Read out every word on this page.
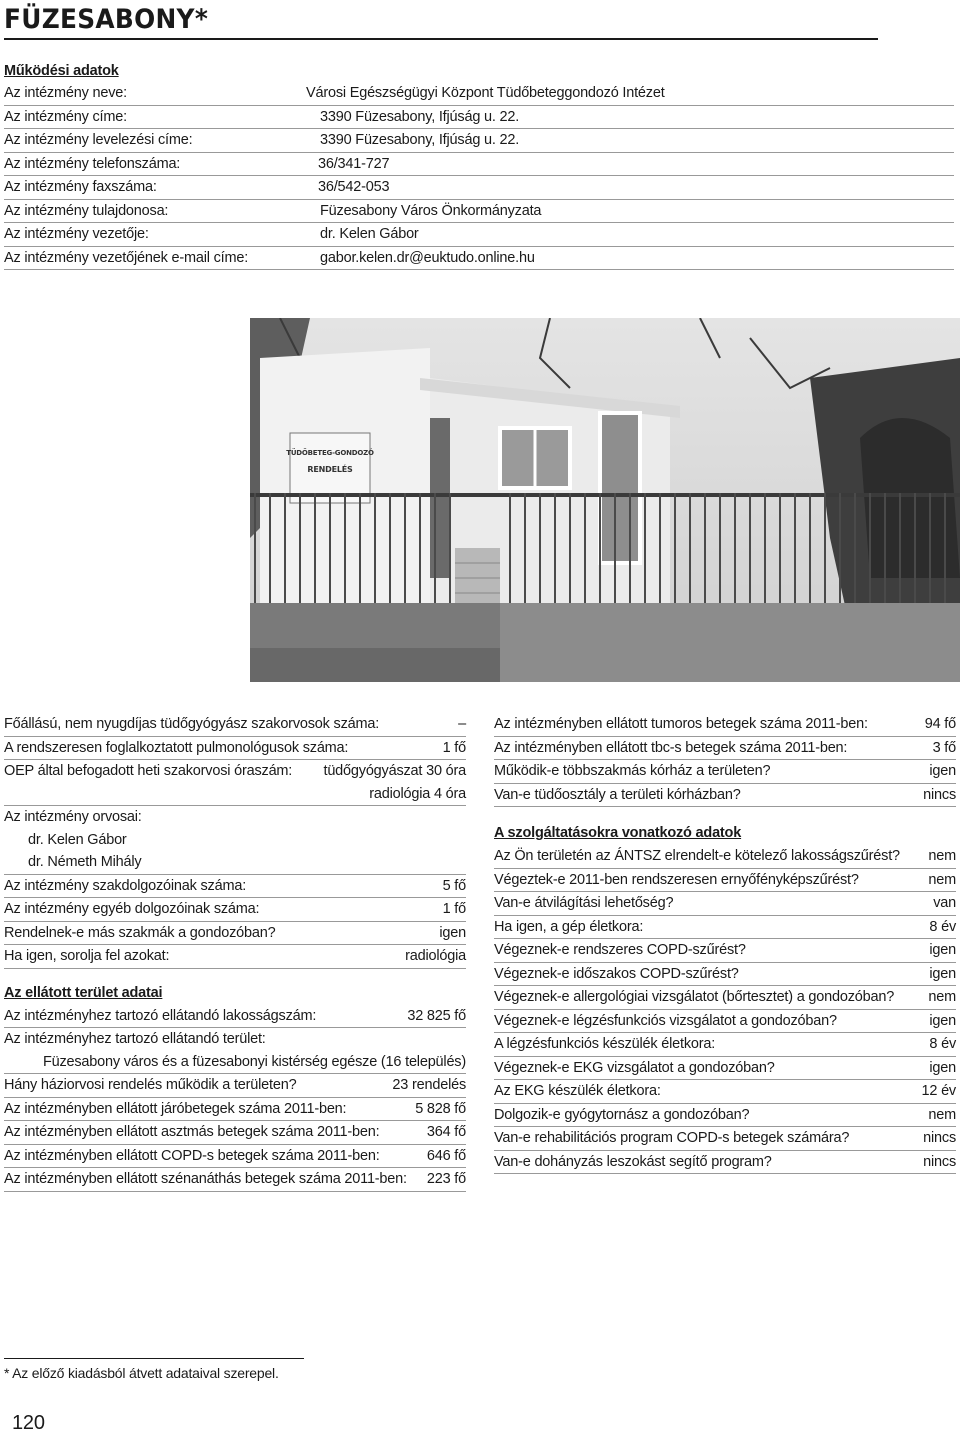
FÜZESABONY*
Működési adatok
Az intézmény neve:	Városi Egészségügyi Központ Tüdőbeteggondozó Intézet
Az intézmény címe:	3390 Füzesabony, Ifjúság u. 22.
Az intézmény levelezési címe:	3390 Füzesabony, Ifjúság u. 22.
Az intézmény telefonszáma:	36/341-727
Az intézmény faxszáma:	36/542-053
Az intézmény tulajdonosa:	Füzesabony Város Önkormányzata
Az intézmény vezetője:	dr. Kelen Gábor
Az intézmény vezetőjének e-mail címe:	gabor.kelen.dr@euktudo.online.hu
TÜDŐBETEG-GONDOZÓ
RENDELÉS
Főállású, nem nyugdíjas tüdőgyógyász szakorvosok száma:	–
A rendszeresen foglalkoztatott pulmonológusok száma:	1 fő
OEP által befogadott heti szakorvosi óraszám: tüdőgyógyászat 30 óra
radiológia 4 óra
Az intézmény orvosai:
dr. Kelen Gábor
dr. Németh Mihály
Az intézmény szakdolgozóinak száma:	5 fő
Az intézmény egyéb dolgozóinak száma:	1 fő
Rendelnek-e más szakmák a gondozóban?	igen
Ha igen, sorolja fel azokat:	radiológia
Az ellátott terület adatai
Az intézményhez tartozó ellátandó lakosságszám:	32 825 fő
Az intézményhez tartozó ellátandó terület:
Füzesabony város és a füzesabonyi kistérség egésze (16 település)
Hány háziorvosi rendelés működik a területen?	23 rendelés
Az intézményben ellátott járóbetegek száma 2011-ben:	5 828 fő
Az intézményben ellátott asztmás betegek száma 2011-ben:	364 fő
Az intézményben ellátott COPD-s betegek száma 2011-ben:	646 fő
Az intézményben ellátott szénanáthás betegek száma 2011-ben: 223 fő
Az intézményben ellátott tumoros betegek száma 2011-ben:	94 fő
Az intézményben ellátott tbc-s betegek száma 2011-ben:	3 fő
Működik-e többszakmás kórház a területen?	igen
Van-e tüdőosztály a területi kórházban?	nincs
A szolgáltatásokra vonatkozó adatok
Az Ön területén az ÁNTSZ elrendelt-e kötelező lakosságszűrést? nem
Végeztek-e 2011-ben rendszeresen ernyőfényképszűrést?	nem
Van-e átvilágítási lehetőség?	van
Ha igen, a gép életkora:	8 év
Végeznek-e rendszeres COPD-szűrést?	igen
Végeznek-e időszakos COPD-szűrést?	igen
Végeznek-e allergológiai vizsgálatot (bőrtesztet) a gondozóban? nem
Végeznek-e légzésfunkciós vizsgálatot a gondozóban?	igen
A légzésfunkciós készülék életkora:	8 év
Végeznek-e EKG vizsgálatot a gondozóban?	igen
Az EKG készülék életkora:	12 év
Dolgozik-e gyógytornász a gondozóban?	nem
Van-e rehabilitációs program COPD-s betegek számára?	nincs
Van-e dohányzás leszokást segítő program?	nincs
* Az előző kiadásból átvett adataival szerepel.
120
